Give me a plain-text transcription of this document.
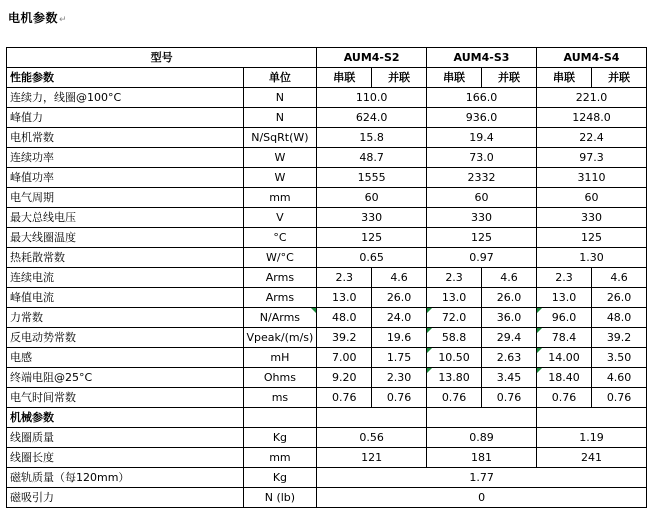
电机参数↵
型号		AUM4-S2		AUM4-S3		AUM4-S4	
性能参数	单位	串联	并联	串联	并联	串联	并联
连续力，线圈@100°C	N	110.0		166.0		221.0	
峰值力	N	624.0		936.0		1248.0	
电机常数	N/SqRt(W)	15.8		19.4		22.4	
连续功率	W	48.7		73.0		97.3	
峰值功率	W	1555		2332		3110	
电气周期	mm	60		60		60	
最大总线电压	V	330		330		330	
最大线圈温度	°C	125		125		125	
热耗散常数	W/°C	0.65		0.97		1.30	
连续电流	Arms	2.3	4.6	2.3	4.6	2.3	4.6
峰值电流	Arms	13.0	26.0	13.0	26.0	13.0	26.0
力常数	N/Arms	48.0	24.0	72.0	36.0	96.0	48.0
反电动势常数	Vpeak/(m/s)	39.2	19.6	58.8	29.4	78.4	39.2
电感	mH	7.00	1.75	10.50	2.63	14.00	3.50
终端电阻@25°C	Ohms	9.20	2.30	13.80	3.45	18.40	4.60
电气时间常数	ms	0.76	0.76	0.76	0.76	0.76	0.76
机械参数							
线圈质量	Kg	0.56		0.89		1.19	
线圈长度	mm	121		181		241	
磁轨质量（每120mm）	Kg	1.77					
磁吸引力	N (lb)	0					
